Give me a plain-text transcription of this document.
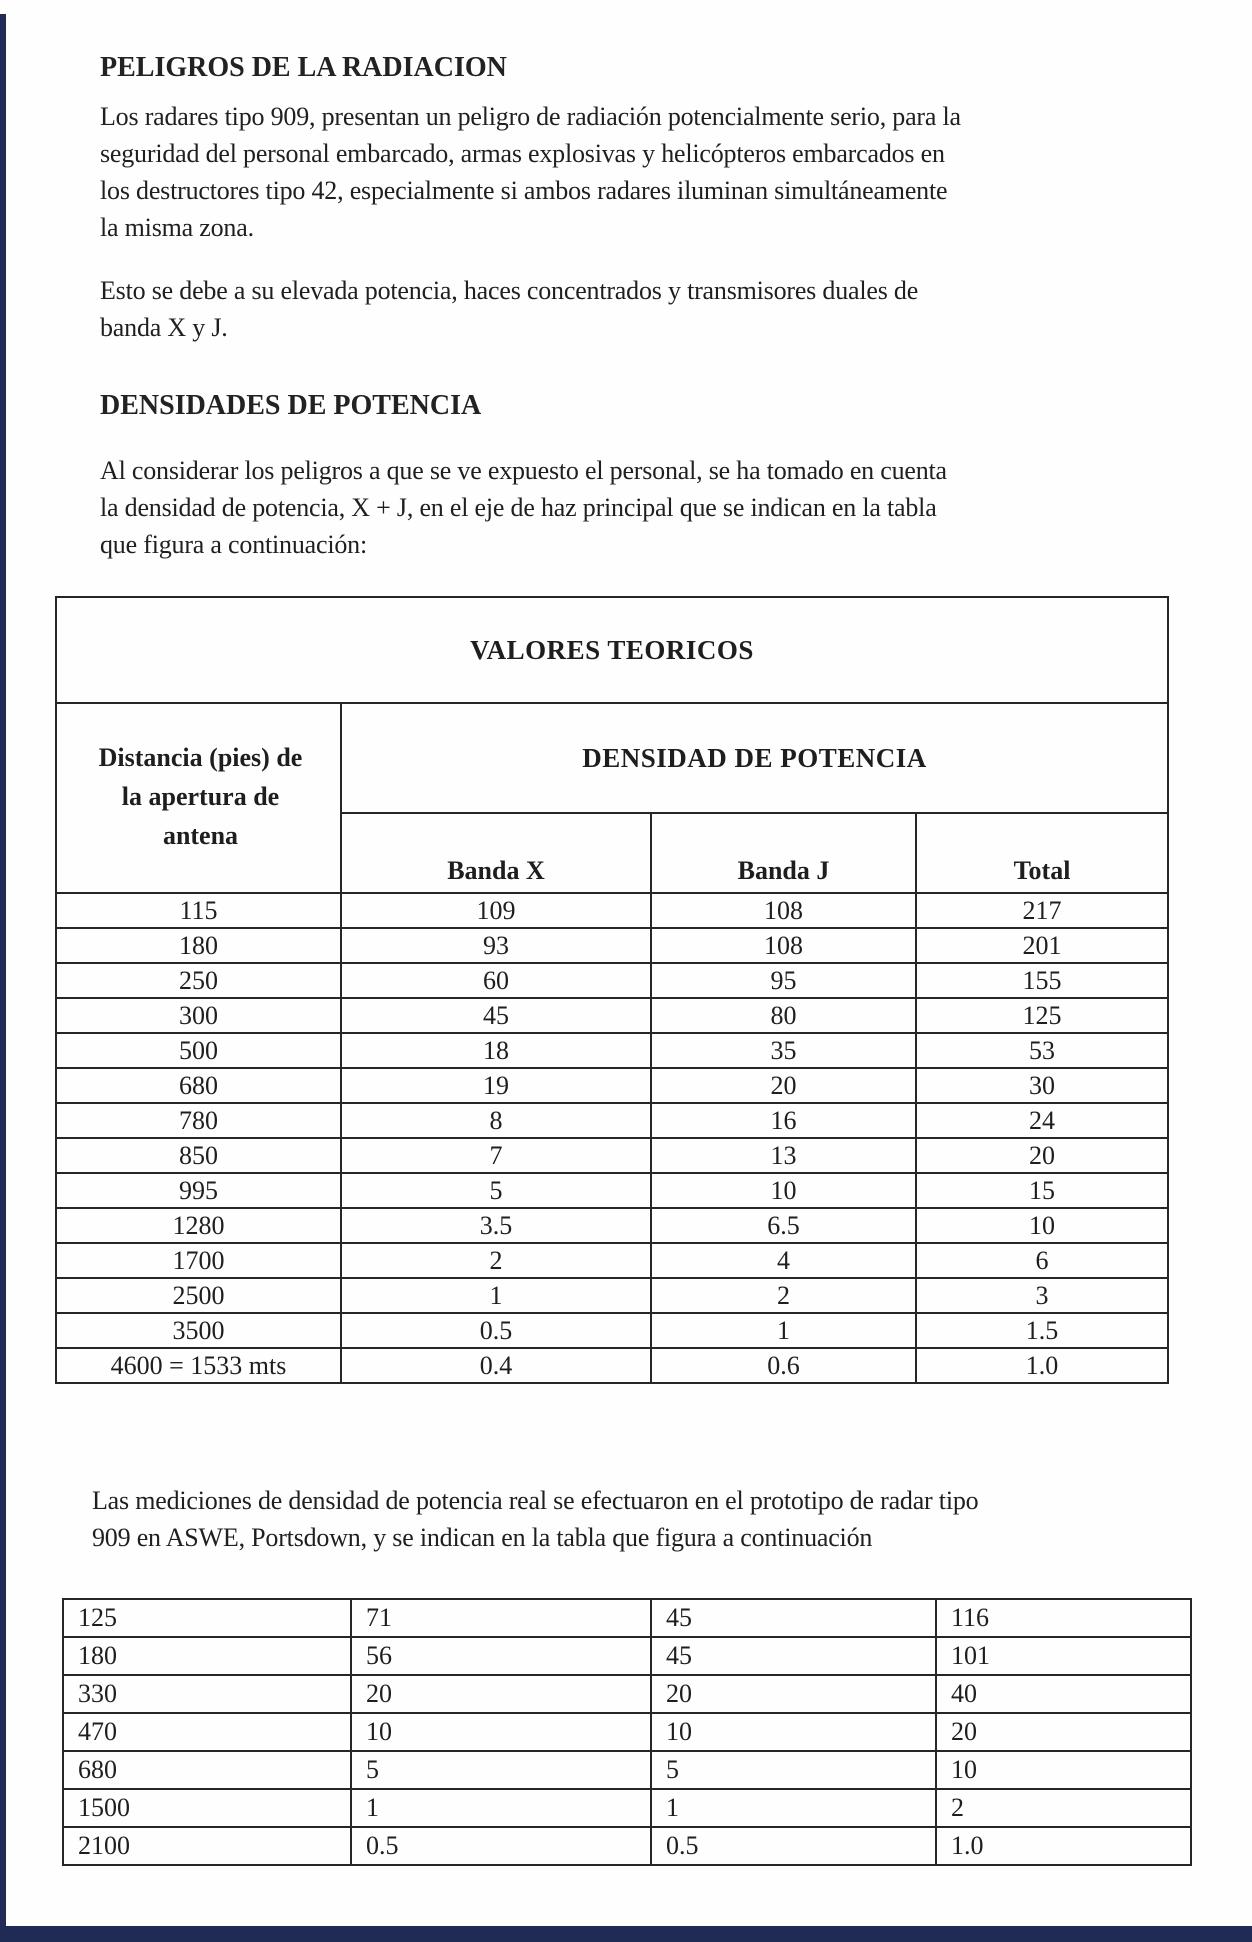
PELIGROS DE LA RADIACION
Los radares tipo 909, presentan un peligro de radiación potencialmente serio, para la
seguridad del personal embarcado, armas explosivas y helicópteros embarcados en
los destructores tipo 42, especialmente si ambos radares iluminan simultáneamente
la misma zona.
Esto se debe a su elevada potencia, haces concentrados y transmisores duales de
banda X y J.
DENSIDADES DE POTENCIA
Al considerar los peligros a que se ve expuesto el personal, se ha tomado en cuenta
la densidad de potencia, X + J, en el eje de haz principal que se indican en la tabla
que figura a continuación:
VALORES TEORICOS			

Distancia (pies) de
la apertura de
antena	DENSIDAD DE POTENCIA		
	Banda X	Banda J	Total
115	109	108	217
180	93	108	201
250	60	95	155
300	45	80	125
500	18	35	53
680	19	20	30
780	8	16	24
850	7	13	20
995	5	10	15
1280	3.5	6.5	10
1700	2	4	6
2500	1	2	3
3500	0.5	1	1.5
4600 = 1533 mts	0.4	0.6	1.0
Las mediciones de densidad de potencia real se efectuaron en el prototipo de radar tipo
909 en ASWE, Portsdown, y se indican en la tabla que figura a continuación
125	71	45	116
180	56	45	101
330	20	20	40
470	10	10	20
680	5	5	10
1500	1	1	2
2100	0.5	0.5	1.0
